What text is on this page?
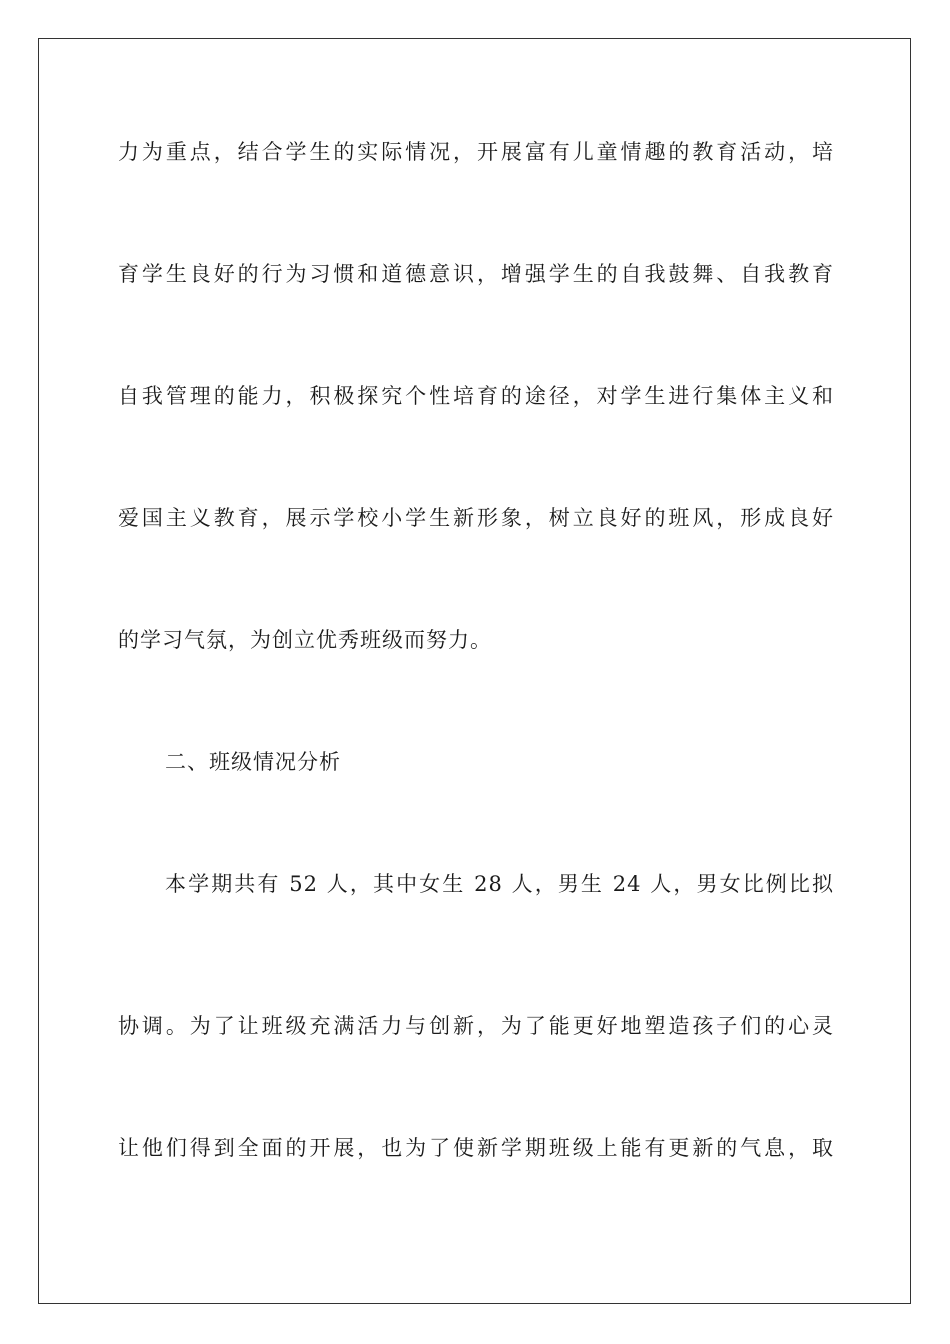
力为重点，结合学生的实际情况，开展富有儿童情趣的教育活动，培
育学生良好的行为习惯和道德意识，增强学生的自我鼓舞、自我教育
自我管理的能力，积极探究个性培育的途径，对学生进行集体主义和
爱国主义教育，展示学校小学生新形象，树立良好的班风，形成良好
的学习气氛，为创立优秀班级而努力。
二、班级情况分析
本学期共有 52 人，其中女生 28 人，男生 24 人，男女比例比拟
协调。为了让班级充满活力与创新，为了能更好地塑造孩子们的心灵
让他们得到全面的开展，也为了使新学期班级上能有更新的气息，取
